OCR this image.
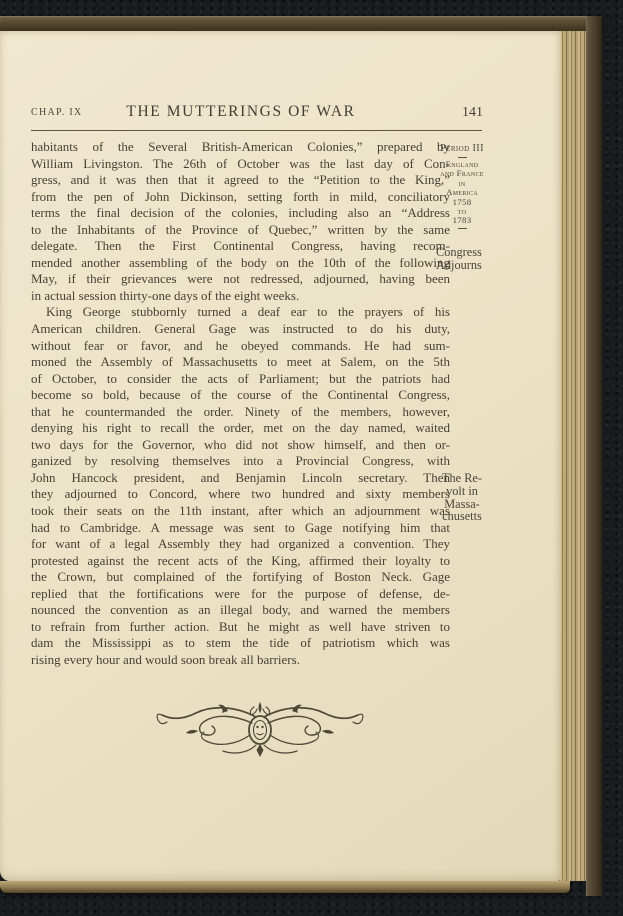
CHAP. IX	THE MUTTERINGS OF WAR	141
habitants of the Several British-American Colonies,” prepared by
William Livingston. The 26th of October was the last day of Con-
gress, and it was then that it agreed to the “Petition to the King,”
from the pen of John Dickinson, setting forth in mild, conciliatory
terms the final decision of the colonies, including also an “Address
to the Inhabitants of the Province of Quebec,” written by the same
delegate. Then the First Continental Congress, having recom-
mended another assembling of the body on the 10th of the following
May, if their grievances were not redressed, adjourned, having been
in actual session thirty-one days of the eight weeks.
King George stubbornly turned a deaf ear to the prayers of his
American children. General Gage was instructed to do his duty,
without fear or favor, and he obeyed commands. He had sum-
moned the Assembly of Massachusetts to meet at Salem, on the 5th
of October, to consider the acts of Parliament; but the patriots had
become so bold, because of the course of the Continental Congress,
that he countermanded the order. Ninety of the members, however,
denying his right to recall the order, met on the day named, waited
two days for the Governor, who did not show himself, and then or-
ganized by resolving themselves into a Provincial Congress, with
John Hancock president, and Benjamin Lincoln secretary. Then
they adjourned to Concord, where two hundred and sixty members
took their seats on the 11th instant, after which an adjournment was
had to Cambridge. A message was sent to Gage notifying him that
for want of a legal Assembly they had organized a convention. They
protested against the recent acts of the King, affirmed their loyalty to
the Crown, but complained of the fortifying of Boston Neck. Gage
replied that the fortifications were for the purpose of defense, de-
nounced the convention as an illegal body, and warned the members
to refrain from further action. But he might as well have striven to
dam the Mississippi as to stem the tide of patriotism which was
rising every hour and would soon break all barriers.
Period III
England
and France
in
America
1758
to
1783
Congress
Adjourns
The Re-
volt in
Massa-
chusetts
